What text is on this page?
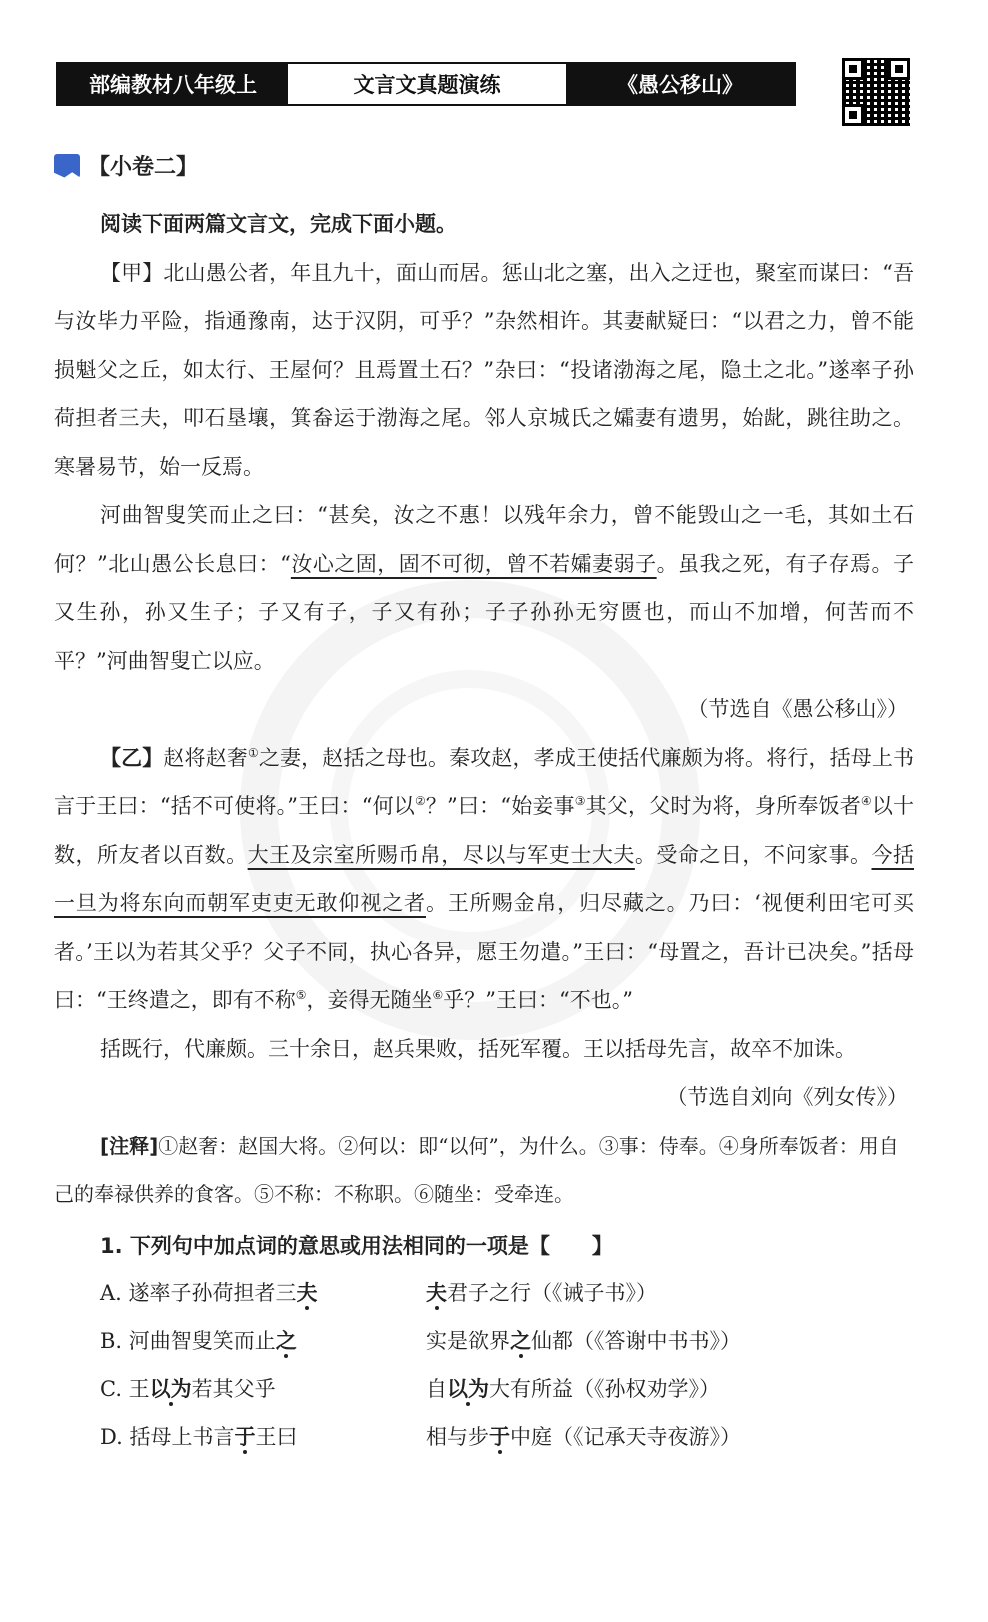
部编教材八年级上	文言文真题演练	《愚公移山》
【小卷二】

阅读下面两篇文言文，完成下面小题。

【甲】北山愚公者，年且九十，面山而居。惩山北之塞，出入之迂也，聚室而谋曰：“吾与汝毕力平险，指通豫南，达于汉阴，可乎？”杂然相许。其妻献疑曰：“以君之力，曾不能损魁父之丘，如太行、王屋何？且焉置土石？”杂曰：“投诸渤海之尾，隐土之北。”遂率子孙荷担者三夫，叩石垦壤，箕畚运于渤海之尾。邻人京城氏之孀妻有遗男，始龀，跳往助之。寒暑易节，始一反焉。

河曲智叟笑而止之曰：“甚矣，汝之不惠！以残年余力，曾不能毁山之一毛，其如土石何？”北山愚公长息曰：“汝心之固，固不可彻，曾不若孀妻弱子。虽我之死，有子存焉。子又生孙，孙又生子；子又有子，子又有孙；子子孙孙无穷匮也，而山不加增，何苦而不平？”河曲智叟亡以应。

（节选自《愚公移山》）

【乙】赵将赵奢①之妻，赵括之母也。秦攻赵，孝成王使括代廉颇为将。将行，括母上书言于王曰：“括不可使将。”王曰：“何以②？”曰：“始妾事③其父，父时为将，身所奉饭者④以十数，所友者以百数。大王及宗室所赐币帛，尽以与军吏士大夫。受命之日，不问家事。今括一旦为将东向而朝军吏吏无敢仰视之者。王所赐金帛，归尽藏之。乃曰：‘视便利田宅可买者。’王以为若其父乎？父子不同，执心各异，愿王勿遣。”王曰：“母置之，吾计已决矣。”括母曰：“王终遣之，即有不称⑤，妾得无随坐⑥乎？”王曰：“不也。”

括既行，代廉颇。三十余日，赵兵果败，括死军覆。王以括母先言，故卒不加诛。

（节选自刘向《列女传》）

[注释]①赵奢：赵国大将。②何以：即“以何”，为什么。③事：侍奉。④身所奉饭者：用自己的奉禄供养的食客。⑤不称：不称职。⑥随坐：受牵连。

1. 下列句中加点词的意思或用法相同的一项是【　　】

A. 遂率子孙荷担者三夫	夫君子之行（《诫子书》）
B. 河曲智叟笑而止之	实是欲界之仙都（《答谢中书书》）
C. 王以为若其父乎	自以为大有所益（《孙权劝学》）
D. 括母上书言于王曰	相与步于中庭（《记承天寺夜游》）
